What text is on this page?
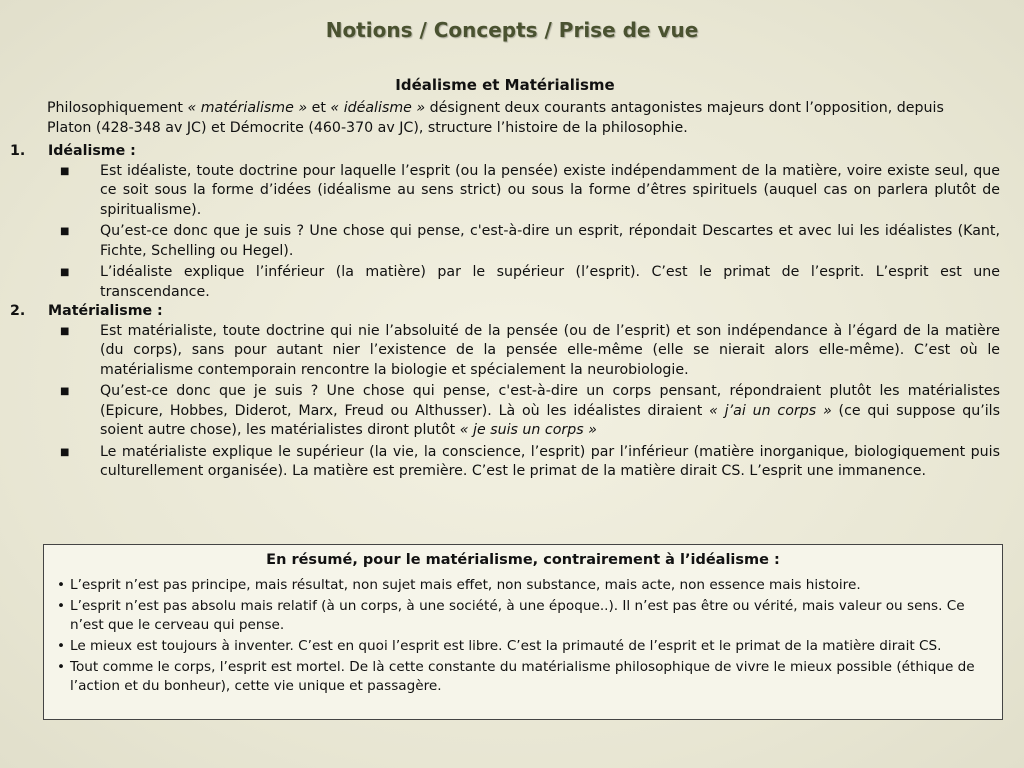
Notions / Concepts / Prise de vue
Idéalisme et Matérialisme
Philosophiquement « matérialisme » et « idéalisme » désignent deux courants antagonistes majeurs dont l’opposition, depuis Platon (428-348 av JC) et Démocrite (460-370 av JC), structure l’histoire de la philosophie.
1.	Idéalisme :
■ Est idéaliste, toute doctrine pour laquelle l’esprit (ou la pensée) existe indépendamment de la matière, voire existe seul, que ce soit sous la forme d’idées (idéalisme au sens strict) ou sous la forme d’êtres spirituels (auquel cas on parlera plutôt de spiritualisme).
■ Qu’est-ce donc que je suis ? Une chose qui pense, c'est-à-dire un esprit, répondait Descartes et avec lui les idéalistes (Kant, Fichte, Schelling ou Hegel).
■ L’idéaliste explique l’inférieur (la matière) par le supérieur (l’esprit). C’est le primat de l’esprit. L’esprit est une transcendance.
2.	Matérialisme :
■ Est matérialiste, toute doctrine qui nie l’absoluité de la pensée (ou de l’esprit) et son indépendance à l’égard de la matière (du corps), sans pour autant nier l’existence de la pensée elle-même (elle se nierait alors elle-même). C’est où le matérialisme contemporain rencontre la biologie et spécialement la neurobiologie.
■ Qu’est-ce donc que je suis ? Une chose qui pense, c'est-à-dire un corps pensant, répondraient plutôt les matérialistes (Epicure, Hobbes, Diderot, Marx, Freud ou Althusser). Là où les idéalistes diraient « j’ai un corps » (ce qui suppose qu’ils soient autre chose), les matérialistes diront plutôt « je suis un corps »
■ Le matérialiste explique le supérieur (la vie, la conscience, l’esprit) par l’inférieur (matière inorganique, biologiquement puis culturellement organisée). La matière est première. C’est le primat de la matière dirait CS. L’esprit une immanence.
En résumé, pour le matérialisme, contrairement à l’idéalisme :
• L’esprit n’est pas principe, mais résultat, non sujet mais effet, non substance, mais acte, non essence mais histoire.
• L’esprit n’est pas absolu mais relatif (à un corps, à une société, à une époque..). Il n’est pas être ou vérité, mais valeur ou sens. Ce n’est que le cerveau qui pense.
• Le mieux est toujours à inventer. C’est en quoi l’esprit est libre. C’est la primauté de l’esprit et le primat de la matière dirait CS.
• Tout comme le corps, l’esprit est mortel. De là cette constante du matérialisme philosophique de vivre le mieux possible (éthique de l’action et du bonheur), cette vie unique et passagère.
